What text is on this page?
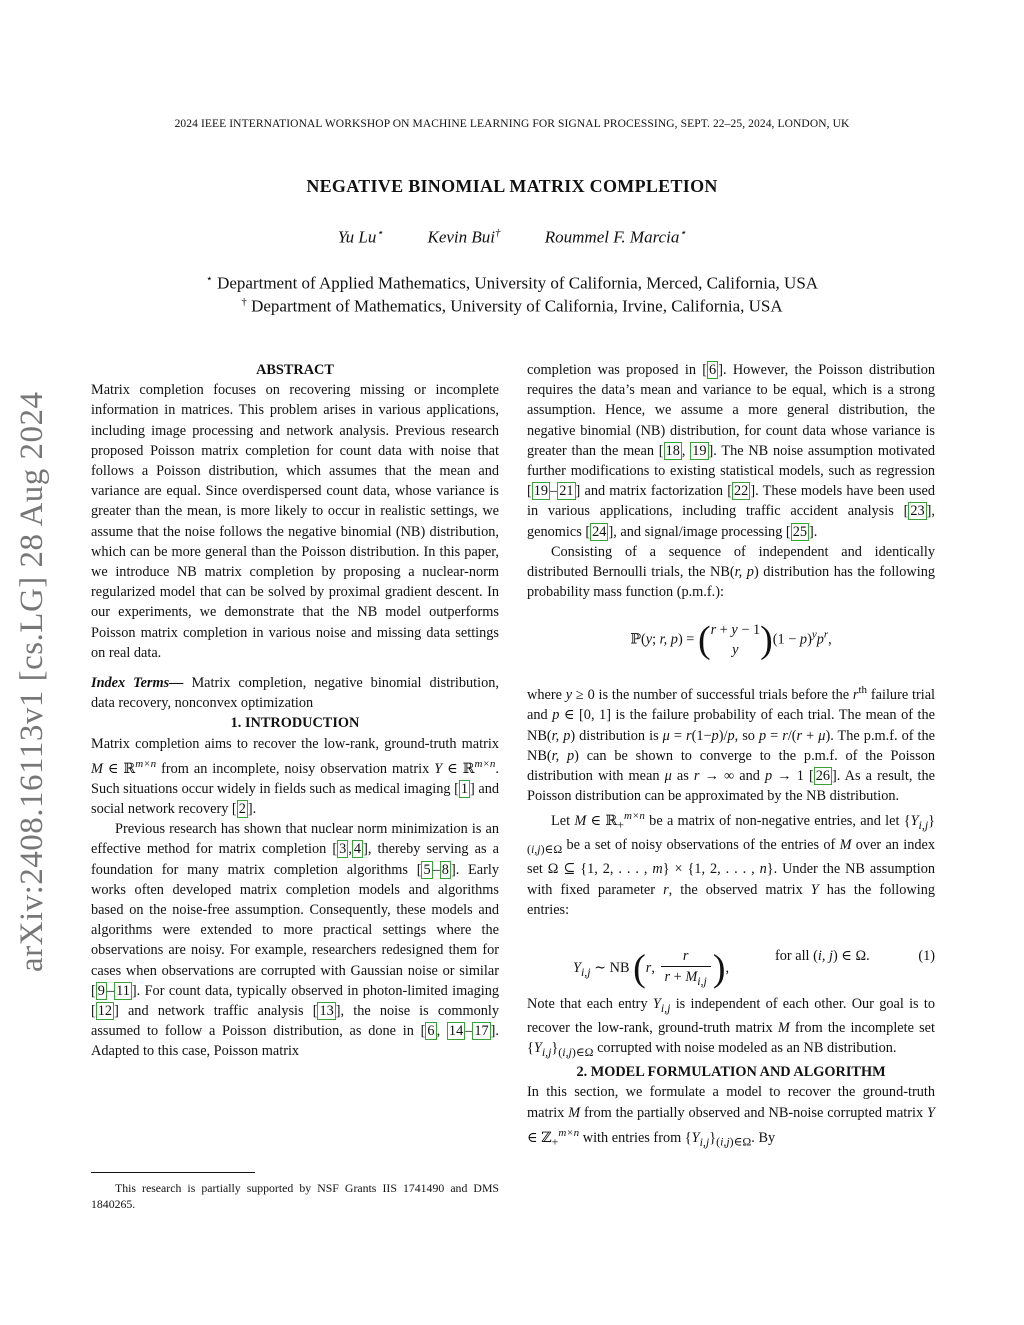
2024 IEEE INTERNATIONAL WORKSHOP ON MACHINE LEARNING FOR SIGNAL PROCESSING, SEPT. 22–25, 2024, LONDON, UK
NEGATIVE BINOMIAL MATRIX COMPLETION
Yu Lu⋆	Kevin Bui†	Roummel F. Marcia⋆
⋆ Department of Applied Mathematics, University of California, Merced, California, USA
† Department of Mathematics, University of California, Irvine, California, USA
arXiv:2408.16113v1 [cs.LG] 28 Aug 2024

ABSTRACT

Matrix completion focuses on recovering missing or incomplete information in matrices. This problem arises in various applications, including image processing and network analysis. Previous research proposed Poisson matrix completion for count data with noise that follows a Poisson distribution, which assumes that the mean and variance are equal. Since overdispersed count data, whose variance is greater than the mean, is more likely to occur in realistic settings, we assume that the noise follows the negative binomial (NB) distribution, which can be more general than the Poisson distribution. In this paper, we introduce NB matrix completion by proposing a nuclear-norm regularized model that can be solved by proximal gradient descent. In our experiments, we demonstrate that the NB model outperforms Poisson matrix completion in various noise and missing data settings on real data.

Index Terms— Matrix completion, negative binomial distribution, data recovery, nonconvex optimization

1. INTRODUCTION

Matrix completion aims to recover the low-rank, ground-truth matrix M ∈ ℝ$^{m\times n}$ from an incomplete, noisy observation matrix Y ∈ ℝ$^{m\times n}$. Such situations occur widely in fields such as medical imaging [ 1 ] and social network recovery [ 2 ].

Previous research has shown that nuclear norm minimization is an effective method for matrix completion [ 3 , 4 ], thereby serving as a foundation for many matrix completion algorithms [ 5 – 8 ]. Early works often developed matrix completion models and algorithms based on the noise-free assumption. Consequently, these models and algorithms were extended to more practical settings where the observations are noisy. For example, researchers redesigned them for cases when observations are corrupted with Gaussian noise or similar [ 9 – 11 ]. For count data, typically observed in photon-limited imaging [ 12 ] and network traffic analysis [ 13 ], the noise is commonly assumed to follow a Poisson distribution, as done in [ 6 , 14 – 17 ]. Adapted to this case, Poisson matrix

This research is partially supported by NSF Grants IIS 1741490 and DMS 1840265.

completion was proposed in [ 6 ]. However, the Poisson distribution requires the data’s mean and variance to be equal, which is a strong assumption. Hence, we assume a more general distribution, the negative binomial (NB) distribution, for count data whose variance is greater than the mean [ 18 , 19 ]. The NB noise assumption motivated further modifications to existing statistical models, such as regression [ 19 – 21 ] and matrix factorization [ 22 ]. These models have been used in various applications, including traffic accident analysis [ 23 ], genomics [ 24 ], and signal/image processing [ 25 ].

Consisting of a sequence of independent and identically distributed Bernoulli trials, the NB(r, p) distribution has the following probability mass function (p.m.f.):

ℙ(y; r, p) = (r + y − 1
y )$(1 - p)^yp^r$,

where y ≥ 0 is the number of successful trials before the $r^{th}$ failure trial and p ∈ [0, 1] is the failure probability of each trial. The mean of the NB(r, p) distribution is μ = r(1−p)/p, so p = r/(r + μ). The p.m.f. of the NB(r, p) can be shown to converge to the p.m.f. of the Poisson distribution with mean μ as r → ∞ and p → 1 [ 26 ]. As a result, the Poisson distribution can be approximated by the NB distribution.

Let M ∈ ℝ$_+^{m\times n}$ be a matrix of non-negative entries, and let $\{Y_{i,j}\}_{(i,j)\in\Omega}$ be a set of noisy observations of the entries of M over an index set Ω ⊆ {1, 2, . . . , m} × {1, 2, . . . , n}. Under the NB assumption with fixed parameter r, the observed matrix Y has the following entries:

$Y_{i,j}$ ∼ NB (r, $\frac{r}{r + M_{i,j}}$ ),
for all (i, j) ∈ Ω.	(1)

Note that each entry $Y_{i,j}$ is independent of each other. Our goal is to recover the low-rank, ground-truth matrix M from the incomplete set $\{Y_{i,j}\}_{(i,j)\in\Omega}$ corrupted with noise modeled as an NB distribution.

2. MODEL FORMULATION AND ALGORITHM

In this section, we formulate a model to recover the ground-truth matrix M from the partially observed and NB-noise corrupted matrix Y ∈ ℤ$_+^{m\times n}$ with entries from $\{Y_{i,j}\}_{(i,j)\in\Omega}$. By
